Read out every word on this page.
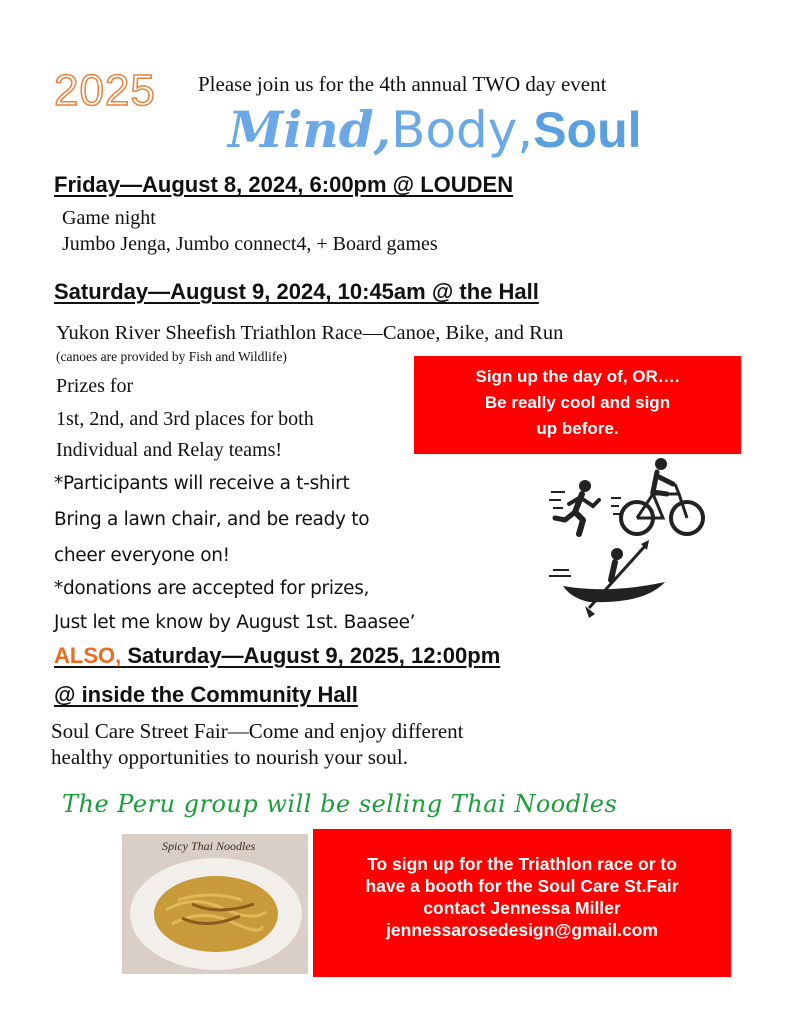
2025 Please join us for the 4th annual TWO day event
Mind,Body,Soul
Friday—August 8, 2024, 6:00pm @ LOUDEN
Game night
Jumbo Jenga, Jumbo connect4, + Board games
Saturday—August 9, 2024, 10:45am @ the Hall
Yukon River Sheefish Triathlon Race—Canoe, Bike, and Run
(canoes are provided by Fish and Wildlife)
Prizes for
1st, 2nd, and 3rd places for both
Individual and Relay teams!
*Participants will receive a t-shirt
Bring a lawn chair, and be ready to
cheer everyone on!
*donations are accepted for prizes,
Just let me know by August 1st. Baasee’
Sign up the day of, OR….
Be really cool and sign
up before.
ALSO, Saturday—August 9, 2025, 12:00pm
@ inside the Community Hall
Soul Care Street Fair—Come and enjoy different
healthy opportunities to nourish your soul.
The Peru group will be selling Thai Noodles
Spicy Thai Noodles
To sign up for the Triathlon race or to
have a booth for the Soul Care St.Fair
contact Jennessa Miller
jennessarosedesign@gmail.com
